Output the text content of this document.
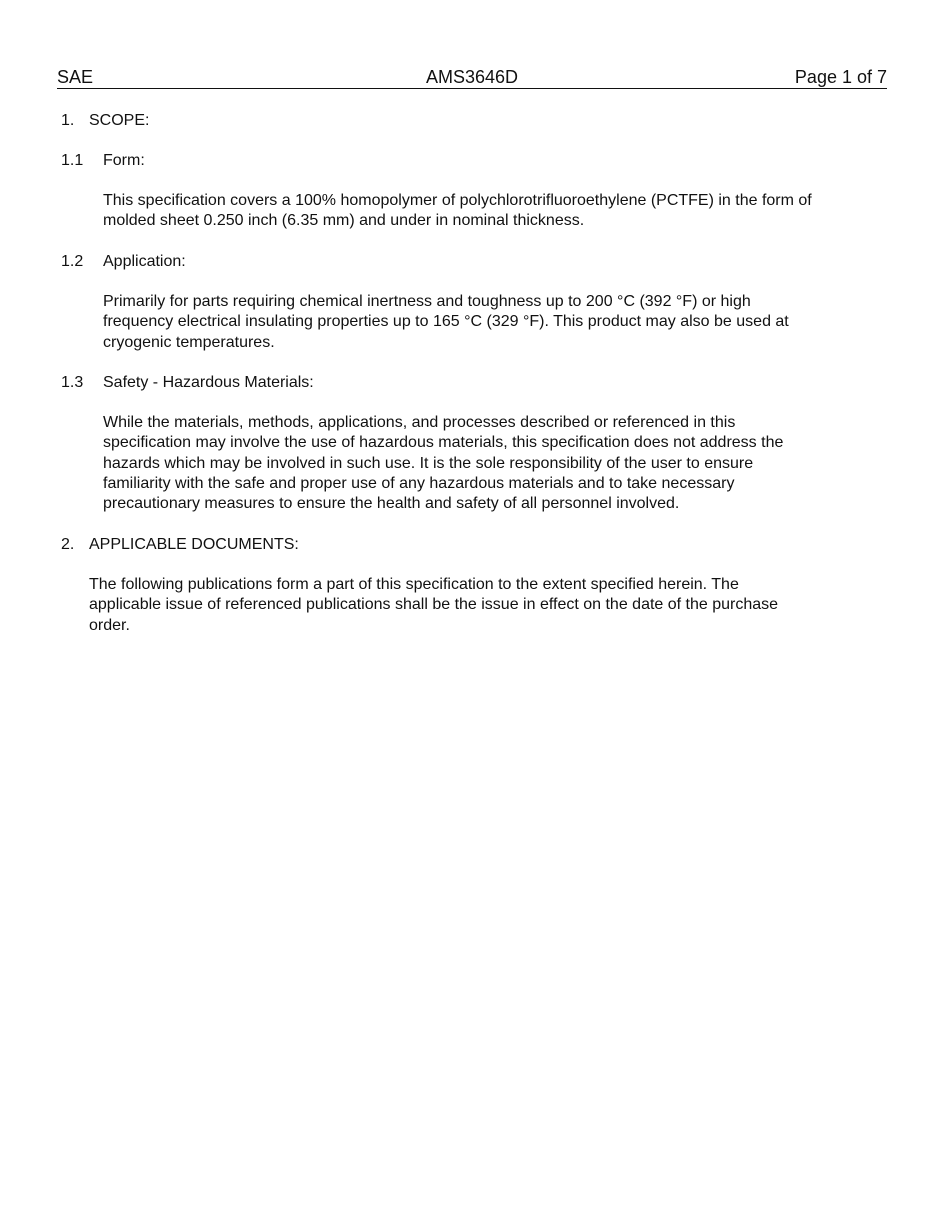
SAE	AMS3646D	Page 1 of 7
1. SCOPE:
1.1 Form:
This specification covers a 100% homopolymer of polychlorotrifluoroethylene (PCTFE) in the form of
molded sheet 0.250 inch (6.35 mm) and under in nominal thickness.
1.2 Application:
Primarily for parts requiring chemical inertness and toughness up to 200 °C (392 °F) or high
frequency electrical insulating properties up to 165 °C (329 °F). This product may also be used at
cryogenic temperatures.
1.3 Safety - Hazardous Materials:
While the materials, methods, applications, and processes described or referenced in this
specification may involve the use of hazardous materials, this specification does not address the
hazards which may be involved in such use. It is the sole responsibility of the user to ensure
familiarity with the safe and proper use of any hazardous materials and to take necessary
precautionary measures to ensure the health and safety of all personnel involved.
2. APPLICABLE DOCUMENTS:
The following publications form a part of this specification to the extent specified herein. The
applicable issue of referenced publications shall be the issue in effect on the date of the purchase
order.
